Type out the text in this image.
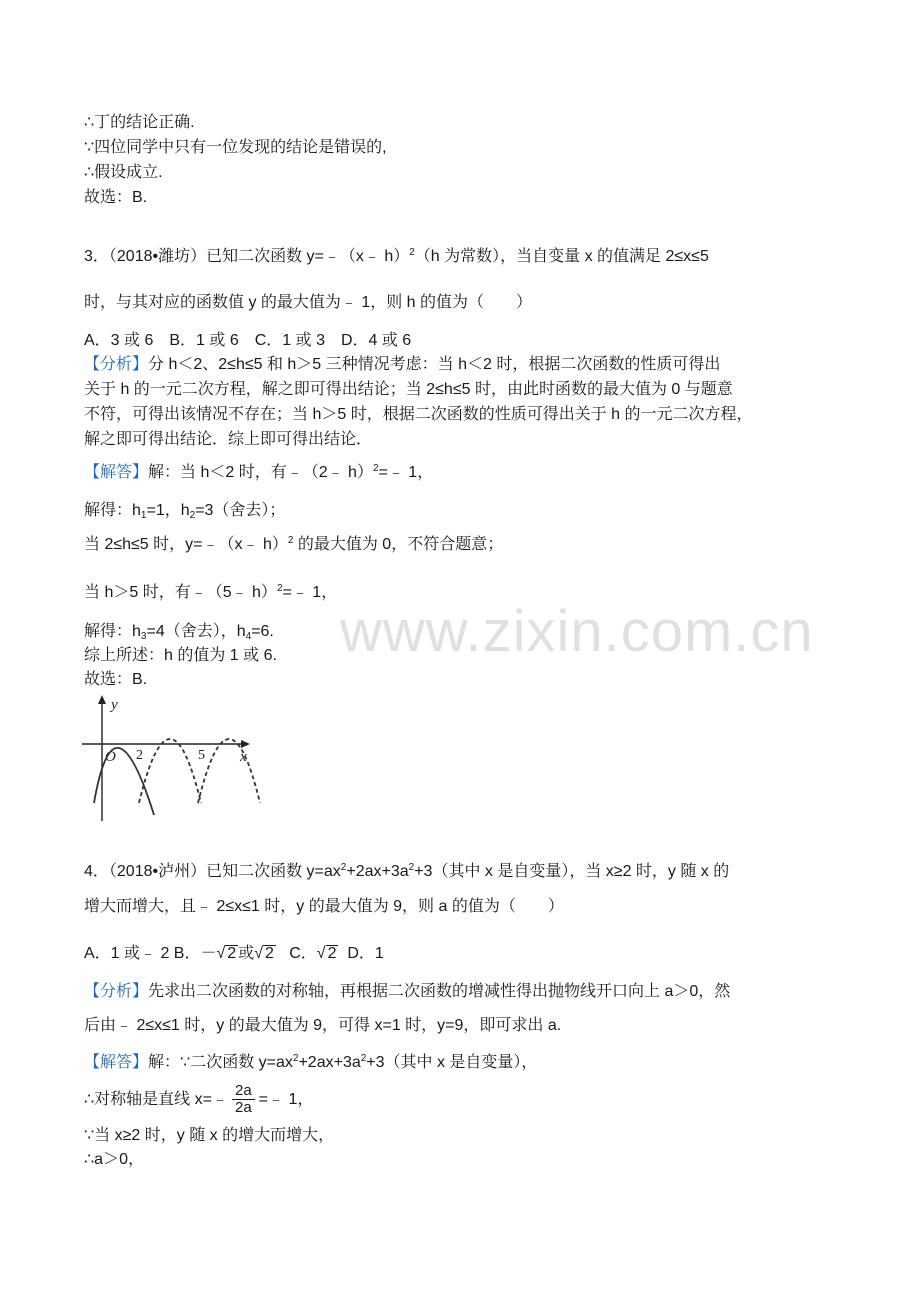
∴丁的结论正确.
∵四位同学中只有一位发现的结论是错误的,
∴假设成立.
故选：B.
3．（2018•潍坊）已知二次函数 y=﹣（x﹣ h）$^2$（h 为常数），当自变量 x 的值满足 2≤x≤5
时，与其对应的函数值 y 的最大值为﹣ 1，则 h 的值为（　　）
A．3 或 6　B．1 或 6　C．1 或 3　D．4 或 6
【分析】分 h＜2、2≤h≤5 和 h＞5 三种情况考虑：当 h＜2 时，根据二次函数的性质可得出
关于 h 的一元二次方程，解之即可得出结论；当 2≤h≤5 时，由此时函数的最大值为 0 与题意
不符，可得出该情况不存在；当 h＞5 时，根据二次函数的性质可得出关于 h 的一元二次方程，
解之即可得出结论．综上即可得出结论．
【解答】解：当 h＜2 时，有﹣（2﹣ h）$^2$=﹣ 1，
解得：$h_1=1$，$h_2=3$（舍去）；
当 2≤h≤5 时，y=﹣（x﹣ h）$^2$ 的最大值为 0，不符合题意；
当 h＞5 时，有﹣（5﹣ h）$^2$=﹣ 1，
解得：$h_3=4$（舍去），$h_4=6$.
综上所述：h 的值为 1 或 6.
故选：B.
y
x
O 2	5
4．（2018•泸州）已知二次函数 $y=ax^2+2ax+3a^2+3$（其中 x 是自变量），当 x≥2 时，y 随 x 的
增大而增大，且﹣ 2≤x≤1 时，y 的最大值为 9，则 a 的值为（　　）
A．1 或﹣ 2 B．－√ 2 或√ 2 C．√ 2 D．1
【分析】先求出二次函数的对称轴，再根据二次函数的增减性得出抛物线开口向上 a＞0，然
后由﹣ 2≤x≤1 时，y 的最大值为 9，可得 x=1 时，y=9，即可求出 a.
【解答】解：∵二次函数 $y=ax^2+2ax+3a^2+3$（其中 x 是自变量），
∴对称轴是直线 x=﹣ $\frac{2a}{2a}$ =﹣ 1，
∵当 x≥2 时，y 随 x 的增大而增大，
∴a＞0，
www.zixin.com.cn
